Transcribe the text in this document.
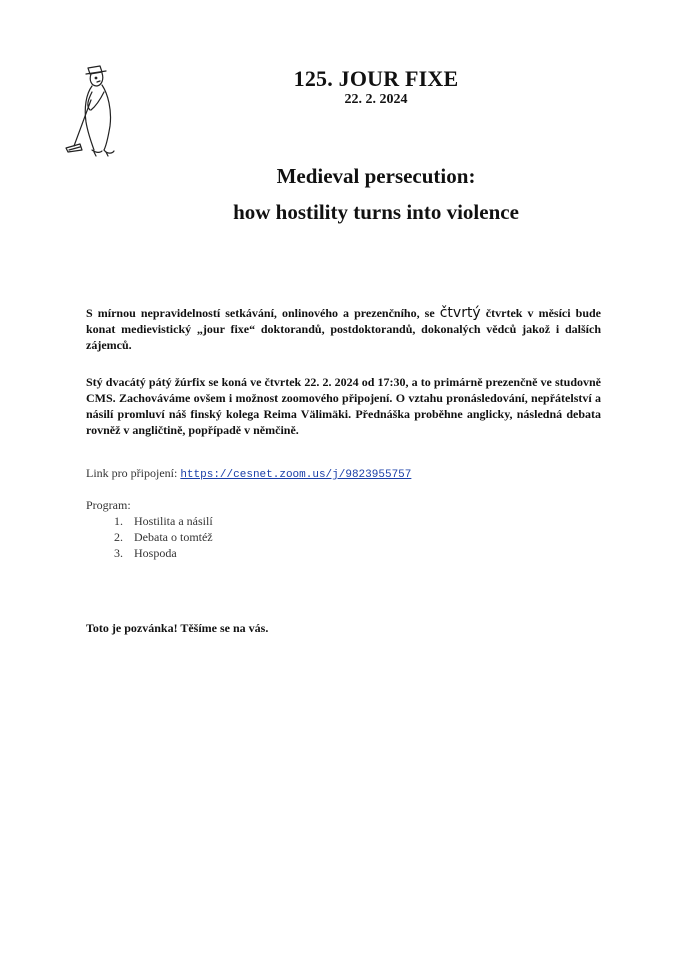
125. JOUR FIXE
22. 2. 2024
Medieval persecution:
how hostility turns into violence
S mírnou nepravidelností setkávání, onlinového a prezenčního, se čtvrtý čtvrtek v měsíci bude konat medievistický „jour fixe“ doktorandů, postdoktorandů, dokonalých vědců jakož i dalších zájemců.
Stý dvacátý pátý žúrfix se koná ve čtvrtek 22. 2. 2024 od 17:30, a to primárně prezenčně ve studovně CMS. Zachováváme ovšem i možnost zoomového připojení. O vztahu pronásledování, nepřátelství a násilí promluví náš finský kolega Reima Välimäki. Přednáška proběhne anglicky, následná debata rovněž v angličtině, popřípadě v němčině.
Link pro připojení: https://cesnet.zoom.us/j/9823955757
Program:
1. Hostilita a násilí
2. Debata o tomtéž
3. Hospoda
Toto je pozvánka! Těšíme se na vás.
